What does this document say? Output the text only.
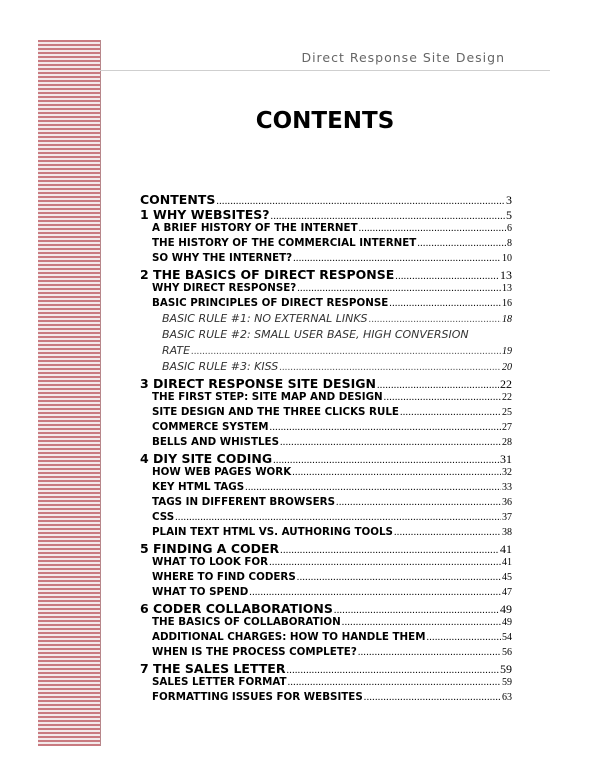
Direct Response Site Design
CONTENTS
CONTENTS .....	3
1 WHY WEBSITES? .....	5
A BRIEF HISTORY OF THE INTERNET .....	6
THE HISTORY OF THE COMMERCIAL INTERNET .....	8
SO WHY THE INTERNET? .....	10
2 THE BASICS OF DIRECT RESPONSE .....	13
WHY DIRECT RESPONSE? .....	13
BASIC PRINCIPLES OF DIRECT RESPONSE .....	16
BASIC RULE #1: NO EXTERNAL LINKS .....	18
BASIC RULE #2: SMALL USER BASE, HIGH CONVERSION
RATE .....	19
BASIC RULE #3: KISS .....	20
3 DIRECT RESPONSE SITE DESIGN .....	22
THE FIRST STEP: SITE MAP AND DESIGN .....	22
SITE DESIGN AND THE THREE CLICKS RULE .....	25
COMMERCE SYSTEM .....	27
BELLS AND WHISTLES .....	28
4 DIY SITE CODING .....	31
HOW WEB PAGES WORK .....	32
KEY HTML TAGS .....	33
TAGS IN DIFFERENT BROWSERS .....	36
CSS .....	37
PLAIN TEXT HTML VS. AUTHORING TOOLS .....	38
5 FINDING A CODER .....	41
WHAT TO LOOK FOR .....	41
WHERE TO FIND CODERS .....	45
WHAT TO SPEND .....	47
6 CODER COLLABORATIONS .....	49
THE BASICS OF COLLABORATION .....	49
ADDITIONAL CHARGES: HOW TO HANDLE THEM .....	54
WHEN IS THE PROCESS COMPLETE? .....	56
7 THE SALES LETTER .....	59
SALES LETTER FORMAT .....	59
FORMATTING ISSUES FOR WEBSITES .....	63
